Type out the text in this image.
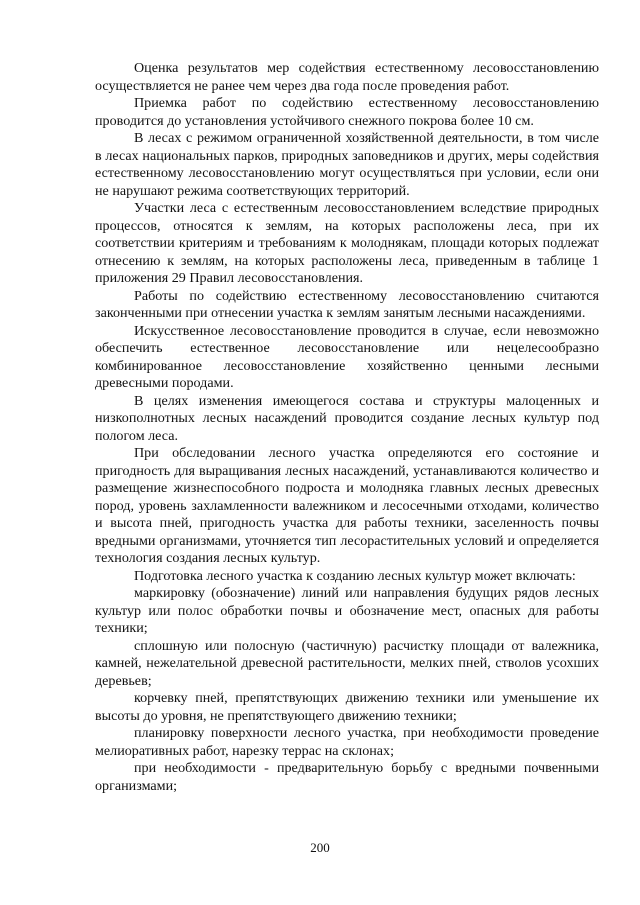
Оценка результатов мер содействия естественному лесовосстановлению осуществляется не ранее чем через два года после проведения работ.

Приемка работ по содействию естественному лесовосстановлению проводится до установления устойчивого снежного покрова более 10 см.

В лесах с режимом ограниченной хозяйственной деятельности, в том числе в лесах национальных парков, природных заповедников и других, меры содействия естественному лесовосстановлению могут осуществляться при условии, если они не нарушают режима соответствующих территорий.

Участки леса с естественным лесовосстановлением вследствие природных процессов, относятся к землям, на которых расположены леса, при их соответствии критериям и требованиям к молоднякам, площади которых подлежат отнесению к землям, на которых расположены леса, приведенным в таблице 1 приложения 29 Правил лесовосстановления.

Работы по содействию естественному лесовосстановлению считаются законченными при отнесении участка к землям занятым лесными насаждениями.

Искусственное лесовосстановление проводится в случае, если невозможно обеспечить естественное лесовосстановление или нецелесообразно комбинированное лесовосстановление хозяйственно ценными лесными древесными породами.

В целях изменения имеющегося состава и структуры малоценных и низкополнотных лесных насаждений проводится создание лесных культур под пологом леса.

При обследовании лесного участка определяются его состояние и пригодность для выращивания лесных насаждений, устанавливаются количество и размещение жизнеспособного подроста и молодняка главных лесных древесных пород, уровень захламленности валежником и лесосечными отходами, количество и высота пней, пригодность участка для работы техники, заселенность почвы вредными организмами, уточняется тип лесорастительных условий и определяется технология создания лесных культур.

Подготовка лесного участка к созданию лесных культур может включать:

маркировку (обозначение) линий или направления будущих рядов лесных культур или полос обработки почвы и обозначение мест, опасных для работы техники;

сплошную или полосную (частичную) расчистку площади от валежника, камней, нежелательной древесной растительности, мелких пней, стволов усохших деревьев;

корчевку пней, препятствующих движению техники или уменьшение их высоты до уровня, не препятствующего движению техники;

планировку поверхности лесного участка, при необходимости проведение мелиоративных работ, нарезку террас на склонах;

при необходимости - предварительную борьбу с вредными почвенными организмами;

200
